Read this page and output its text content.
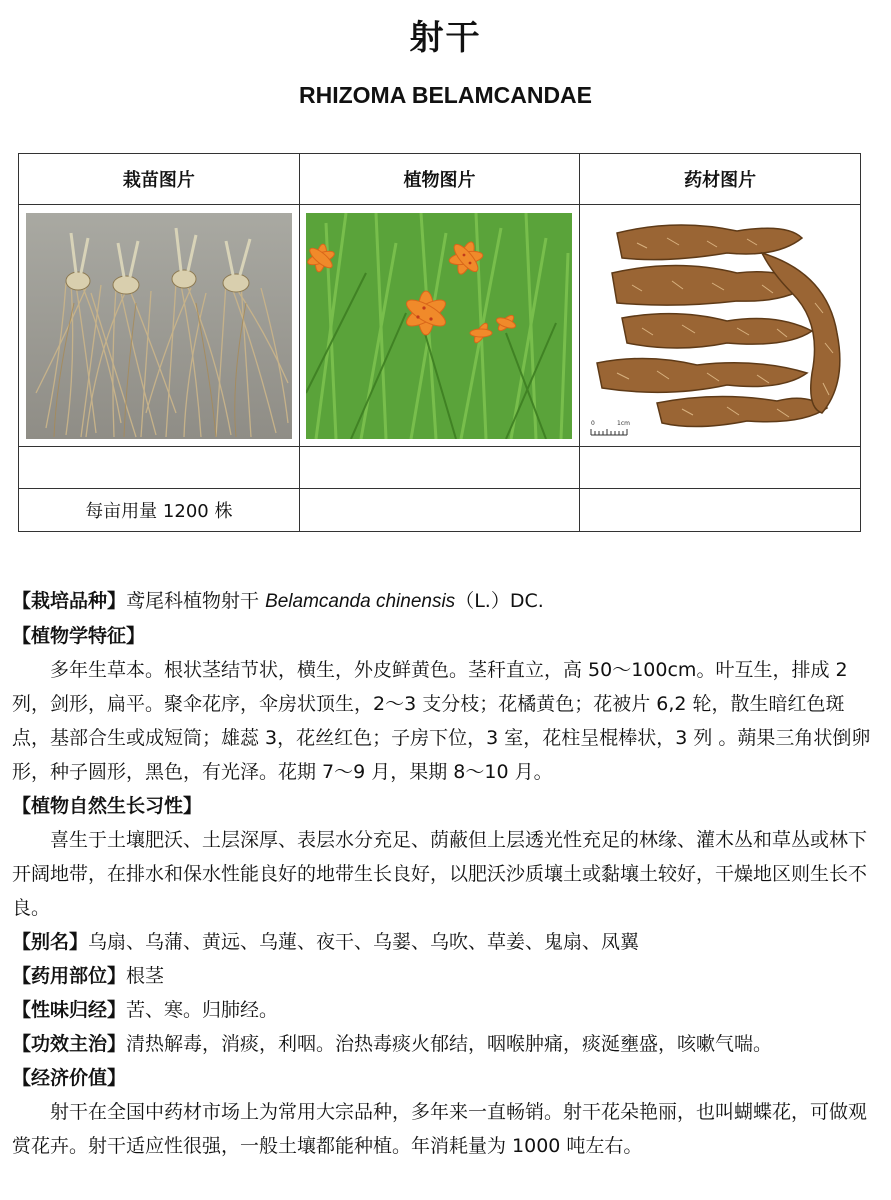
射干
RHIZOMA BELAMCANDAE
栽苗图片	植物图片	药材图片

0 1cm

每亩用量 1200 株		

【栽培品种】鸢尾科植物射干 Belamcanda chinensis（L.）DC.

【植物学特征】

多年生草本。根状茎结节状，横生，外皮鲜黄色。茎秆直立，高 50～100cm。叶互生，排成 2 列，剑形，扁平。聚伞花序，伞房状顶生，2～3 支分枝；花橘黄色；花被片 6,2 轮，散生暗红色斑点，基部合生或成短筒；雄蕊 3，花丝红色；子房下位，3 室，花柱呈棍棒状，3 列 。蒴果三角状倒卵形，种子圆形，黑色，有光泽。花期 7～9 月，果期 8～10 月。

【植物自然生长习性】

喜生于土壤肥沃、土层深厚、表层水分充足、荫蔽但上层透光性充足的林缘、灌木丛和草丛或林下开阔地带，在排水和保水性能良好的地带生长良好，以肥沃沙质壤土或黏壤土较好，干燥地区则生长不良。

【别名】乌扇、乌蒲、黄远、乌蓮、夜干、乌翣、乌吹、草姜、鬼扇、凤翼

【药用部位】根茎

【性味归经】苦、寒。归肺经。

【功效主治】清热解毒，消痰，利咽。治热毒痰火郁结，咽喉肿痛，痰涎壅盛，咳嗽气喘。

【经济价值】

射干在全国中药材市场上为常用大宗品种，多年来一直畅销。射干花朵艳丽，也叫蝴蝶花，可做观赏花卉。射干适应性很强，一般土壤都能种植。年消耗量为 1000 吨左右。
